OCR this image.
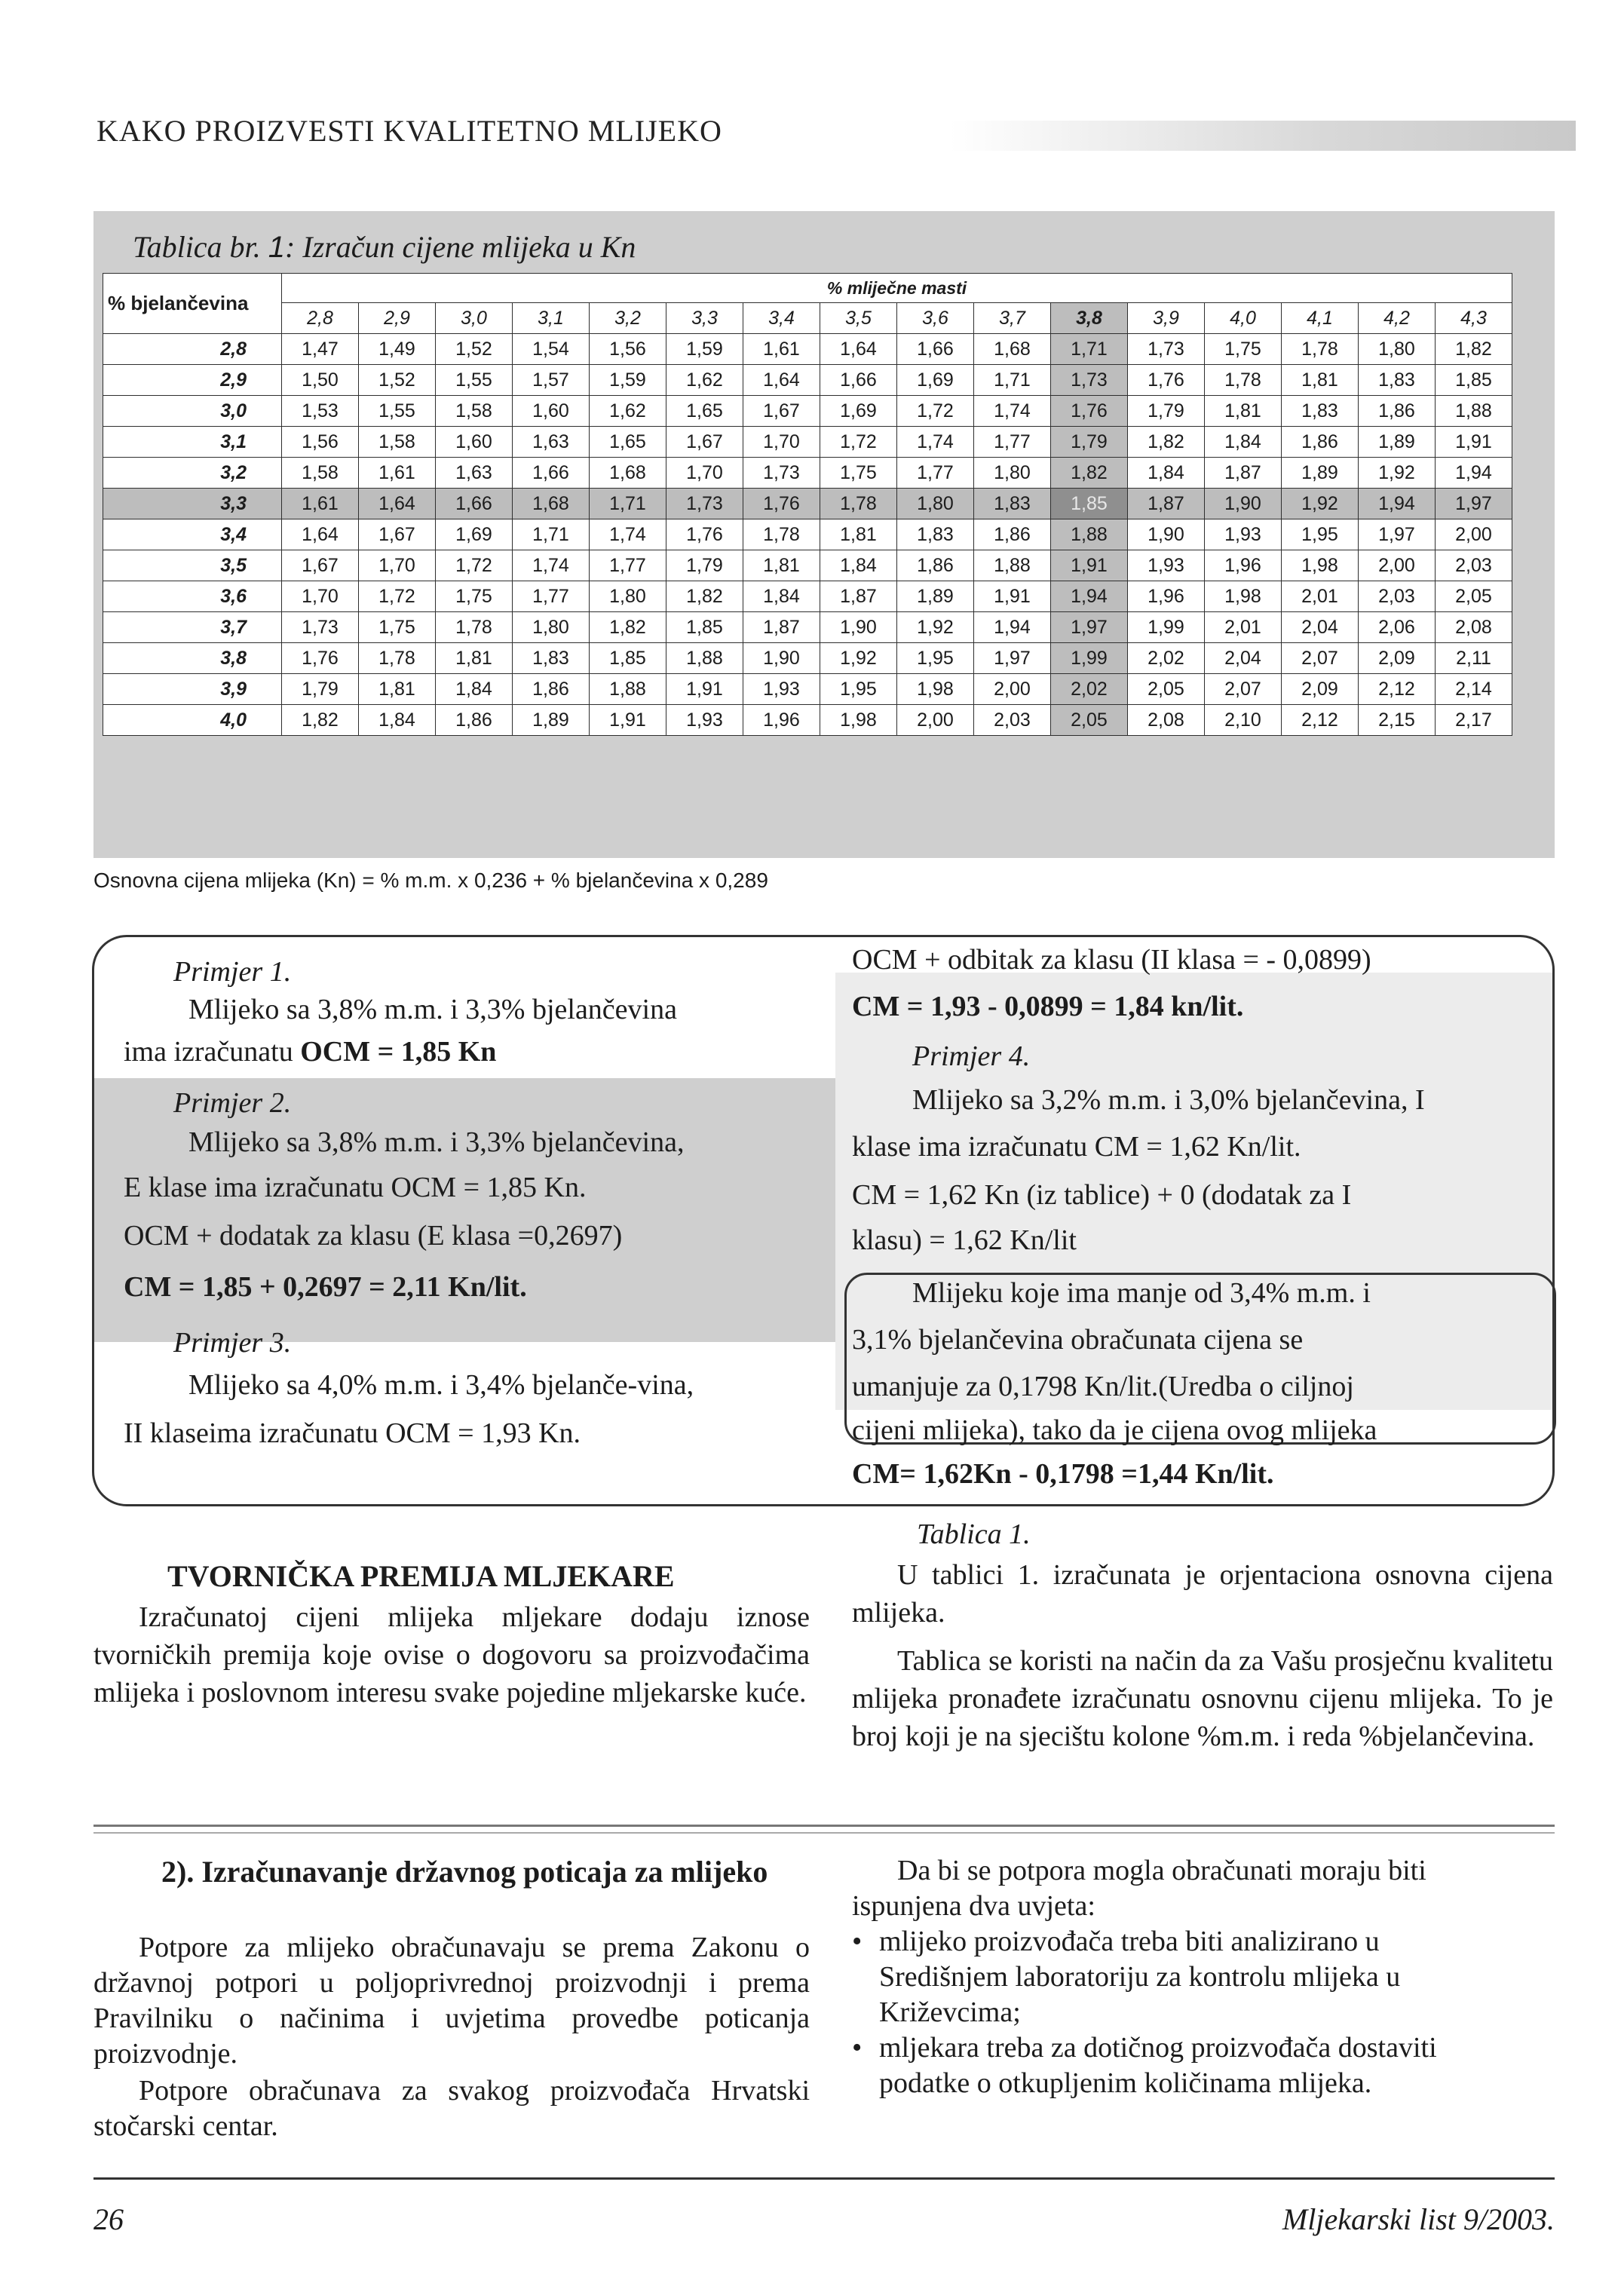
KAKO PROIZVESTI KVALITETNO MLIJEKO
Tablica br. 1: Izračun cijene mlijeka u Kn
% bjelančevina	% mliječne masti															
	2,8	2,9	3,0	3,1	3,2	3,3	3,4	3,5	3,6	3,7	3,8	3,9	4,0	4,1	4,2	4,3
2,8	1,47	1,49	1,52	1,54	1,56	1,59	1,61	1,64	1,66	1,68	1,71	1,73	1,75	1,78	1,80	1,82
2,9	1,50	1,52	1,55	1,57	1,59	1,62	1,64	1,66	1,69	1,71	1,73	1,76	1,78	1,81	1,83	1,85
3,0	1,53	1,55	1,58	1,60	1,62	1,65	1,67	1,69	1,72	1,74	1,76	1,79	1,81	1,83	1,86	1,88
3,1	1,56	1,58	1,60	1,63	1,65	1,67	1,70	1,72	1,74	1,77	1,79	1,82	1,84	1,86	1,89	1,91
3,2	1,58	1,61	1,63	1,66	1,68	1,70	1,73	1,75	1,77	1,80	1,82	1,84	1,87	1,89	1,92	1,94
3,3	1,61	1,64	1,66	1,68	1,71	1,73	1,76	1,78	1,80	1,83	1,85	1,87	1,90	1,92	1,94	1,97
3,4	1,64	1,67	1,69	1,71	1,74	1,76	1,78	1,81	1,83	1,86	1,88	1,90	1,93	1,95	1,97	2,00
3,5	1,67	1,70	1,72	1,74	1,77	1,79	1,81	1,84	1,86	1,88	1,91	1,93	1,96	1,98	2,00	2,03
3,6	1,70	1,72	1,75	1,77	1,80	1,82	1,84	1,87	1,89	1,91	1,94	1,96	1,98	2,01	2,03	2,05
3,7	1,73	1,75	1,78	1,80	1,82	1,85	1,87	1,90	1,92	1,94	1,97	1,99	2,01	2,04	2,06	2,08
3,8	1,76	1,78	1,81	1,83	1,85	1,88	1,90	1,92	1,95	1,97	1,99	2,02	2,04	2,07	2,09	2,11
3,9	1,79	1,81	1,84	1,86	1,88	1,91	1,93	1,95	1,98	2,00	2,02	2,05	2,07	2,09	2,12	2,14
4,0	1,82	1,84	1,86	1,89	1,91	1,93	1,96	1,98	2,00	2,03	2,05	2,08	2,10	2,12	2,15	2,17
Osnovna cijena mlijeka (Kn) = % m.m. x 0,236 + % bjelančevina x 0,289
Primjer 1.
Mlijeko sa 3,8% m.m. i 3,3% bjelančevina
ima izračunatu OCM = 1,85 Kn
Primjer 2.
Mlijeko sa 3,8% m.m. i 3,3% bjelančevina,
E klase ima izračunatu OCM = 1,85 Kn.
OCM + dodatak za klasu (E klasa =0,2697)
CM = 1,85 + 0,2697 = 2,11 Kn/lit.
Primjer 3.
Mlijeko sa 4,0% m.m. i 3,4% bjelanče-vina,
II klaseima izračunatu OCM = 1,93 Kn.
OCM + odbitak za klasu (II klasa = - 0,0899)
CM = 1,93 - 0,0899 = 1,84 kn/lit.
Primjer 4.
Mlijeko sa 3,2% m.m. i 3,0% bjelančevina, I
klase ima izračunatu CM = 1,62 Kn/lit.
CM = 1,62 Kn (iz tablice) + 0 (dodatak za I
klasu) = 1,62 Kn/lit
Mlijeku koje ima manje od 3,4% m.m. i
3,1% bjelančevina obračunata cijena se
umanjuje za 0,1798 Kn/lit.(Uredba o ciljnoj
cijeni mlijeka), tako da je cijena ovog mlijeka
CM= 1,62Kn - 0,1798 =1,44 Kn/lit.
TVORNIČKA PREMIJA MLJEKARE
Izračunatoj cijeni mlijeka mljekare dodaju iznose tvorničkih premija koje ovise o dogovoru sa proizvođačima mlijeka i poslovnom interesu svake pojedine mljekarske kuće.
Tablica 1.
U tablici 1. izračunata je orjentaciona osnovna cijena mlijeka.
Tablica se koristi na način da za Vašu prosječnu kvalitetu mlijeka pronađete izračunatu osnovnu cijenu mlijeka. To je broj koji je na sjecištu kolone %m.m. i reda %bjelančevina.
2). Izračunavanje državnog poticaja za mlijeko
Potpore za mlijeko obračunavaju se prema Zakonu o državnoj potpori u poljoprivrednoj proizvodnji i prema Pravilniku o načinima i uvjetima provedbe poticanja proizvodnje.
Potpore obračunava za svakog proizvođača Hrvatski stočarski centar.
Da bi se potpora mogla obračunati moraju biti ispunjena dva uvjeta:
• mlijeko proizvođača treba biti analizirano u Središnjem laboratoriju za kontrolu mlijeka u Križevcima;
• mljekara treba za dotičnog proizvođača dostaviti podatke o otkupljenim količinama mlijeka.
26	Mljekarski list 9/2003.
